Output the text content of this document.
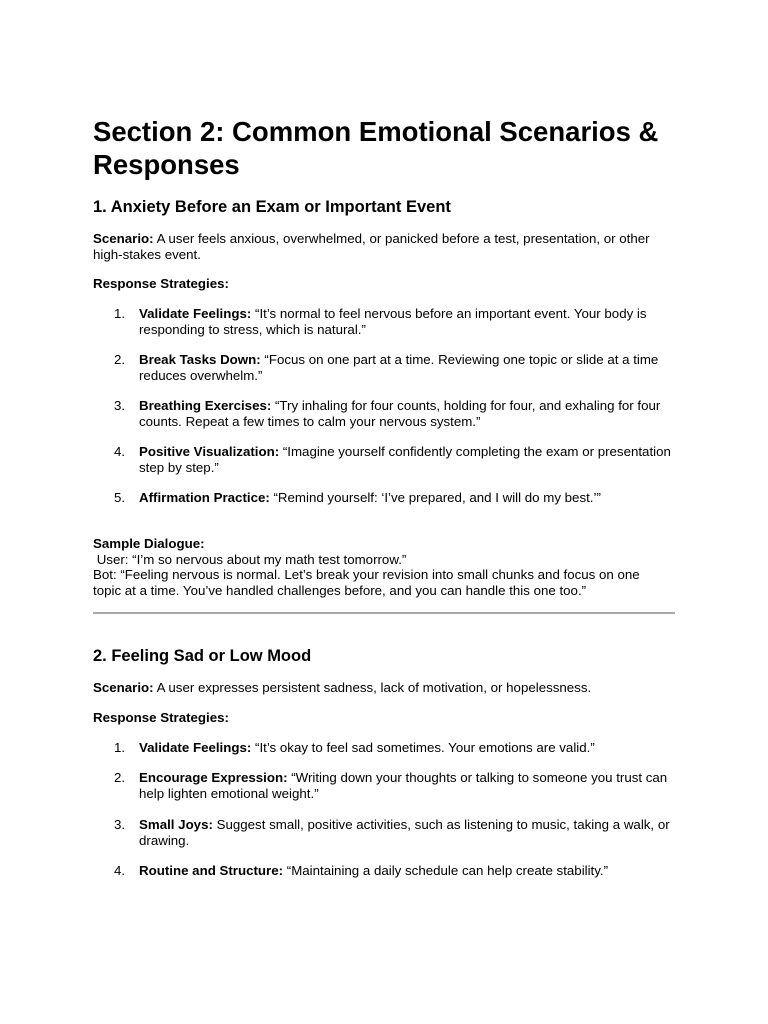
Section 2: Common Emotional Scenarios & Responses
1. Anxiety Before an Exam or Important Event

Scenario: A user feels anxious, overwhelmed, or panicked before a test, presentation, or other high-stakes event.

Response Strategies:

1. Validate Feelings: “It’s normal to feel nervous before an important event. Your body is responding to stress, which is natural.”
2. Break Tasks Down: “Focus on one part at a time. Reviewing one topic or slide at a time reduces overwhelm.”
3. Breathing Exercises: “Try inhaling for four counts, holding for four, and exhaling for four counts. Repeat a few times to calm your nervous system.”
4. Positive Visualization: “Imagine yourself confidently completing the exam or presentation step by step.”
5. Affirmation Practice: “Remind yourself: ‘I’ve prepared, and I will do my best.’”
Sample Dialogue:
User: “I’m so nervous about my math test tomorrow.”
Bot: “Feeling nervous is normal. Let’s break your revision into small chunks and focus on one topic at a time. You’ve handled challenges before, and you can handle this one too.”
2. Feeling Sad or Low Mood

Scenario: A user expresses persistent sadness, lack of motivation, or hopelessness.

Response Strategies:

1. Validate Feelings: “It’s okay to feel sad sometimes. Your emotions are valid.”
2. Encourage Expression: “Writing down your thoughts or talking to someone you trust can help lighten emotional weight.”
3. Small Joys: Suggest small, positive activities, such as listening to music, taking a walk, or drawing.
4. Routine and Structure: “Maintaining a daily schedule can help create stability.”
